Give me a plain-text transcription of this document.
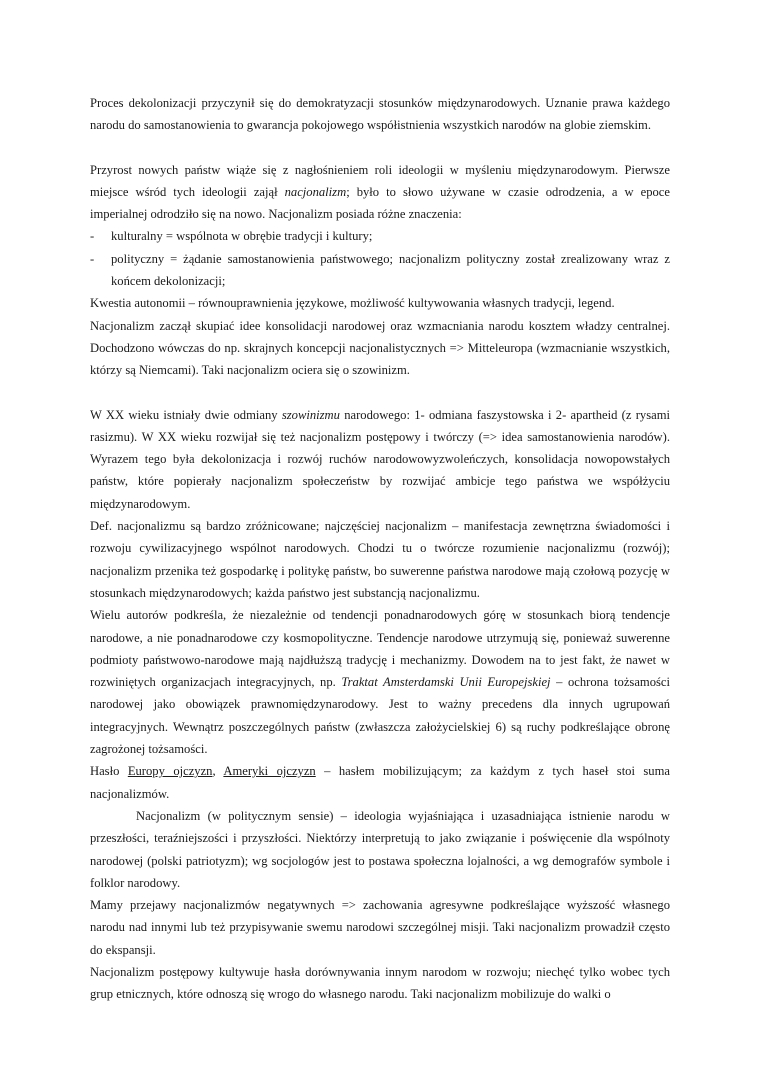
Proces dekolonizacji przyczynił się do demokratyzacji stosunków międzynarodowych. Uznanie prawa każdego narodu do samostanowienia to gwarancja pokojowego współistnienia wszystkich narodów na globie ziemskim.

Przyrost nowych państw wiąże się z nagłośnieniem roli ideologii w myśleniu międzynarodowym. Pierwsze miejsce wśród tych ideologii zajął nacjonalizm; było to słowo używane w czasie odrodzenia, a w epoce imperialnej odrodziło się na nowo. Nacjonalizm posiada różne znaczenia:

- kulturalny = wspólnota w obrębie tradycji i kultury;

- polityczny = żądanie samostanowienia państwowego; nacjonalizm polityczny został zrealizowany wraz z końcem dekolonizacji;

Kwestia autonomii – równouprawnienia językowe, możliwość kultywowania własnych tradycji, legend.

Nacjonalizm zaczął skupiać idee konsolidacji narodowej oraz wzmacniania narodu kosztem władzy centralnej. Dochodzono wówczas do np. skrajnych koncepcji nacjonalistycznych => Mitteleuropa (wzmacnianie wszystkich, którzy są Niemcami). Taki nacjonalizm ociera się o szowinizm.

W XX wieku istniały dwie odmiany szowinizmu narodowego: 1- odmiana faszystowska i 2- apartheid (z rysami rasizmu). W XX wieku rozwijał się też nacjonalizm postępowy i twórczy (=> idea samostanowienia narodów). Wyrazem tego była dekolonizacja i rozwój ruchów narodowowyzwoleńczych, konsolidacja nowopowstałych państw, które popierały nacjonalizm społeczeństw by rozwijać ambicje tego państwa we współżyciu międzynarodowym.

Def. nacjonalizmu są bardzo zróżnicowane; najczęściej nacjonalizm – manifestacja zewnętrzna świadomości i rozwoju cywilizacyjnego wspólnot narodowych. Chodzi tu o twórcze rozumienie nacjonalizmu (rozwój); nacjonalizm przenika też gospodarkę i politykę państw, bo suwerenne państwa narodowe mają czołową pozycję w stosunkach międzynarodowych; każda państwo jest substancją nacjonalizmu.

Wielu autorów podkreśla, że niezależnie od tendencji ponadnarodowych górę w stosunkach biorą tendencje narodowe, a nie ponadnarodowe czy kosmopolityczne. Tendencje narodowe utrzymują się, ponieważ suwerenne podmioty państwowo-narodowe mają najdłuższą tradycję i mechanizmy. Dowodem na to jest fakt, że nawet w rozwiniętych organizacjach integracyjnych, np. Traktat Amsterdamski Unii Europejskiej – ochrona tożsamości narodowej jako obowiązek prawnomiędzynarodowy. Jest to ważny precedens dla innych ugrupowań integracyjnych. Wewnątrz poszczególnych państw (zwłaszcza założycielskiej 6) są ruchy podkreślające obronę zagrożonej tożsamości.

Hasło Europy ojczyzn, Ameryki ojczyzn – hasłem mobilizującym; za każdym z tych haseł stoi suma nacjonalizmów.

Nacjonalizm (w politycznym sensie) – ideologia wyjaśniająca i uzasadniająca istnienie narodu w przeszłości, teraźniejszości i przyszłości. Niektórzy interpretują to jako związanie i poświęcenie dla wspólnoty narodowej (polski patriotyzm); wg socjologów jest to postawa społeczna lojalności, a wg demografów symbole i folklor narodowy.

Mamy przejawy nacjonalizmów negatywnych => zachowania agresywne podkreślające wyższość własnego narodu nad innymi lub też przypisywanie swemu narodowi szczególnej misji. Taki nacjonalizm prowadził często do ekspansji.

Nacjonalizm postępowy kultywuje hasła dorównywania innym narodom w rozwoju; niechęć tylko wobec tych grup etnicznych, które odnoszą się wrogo do własnego narodu. Taki nacjonalizm mobilizuje do walki o
